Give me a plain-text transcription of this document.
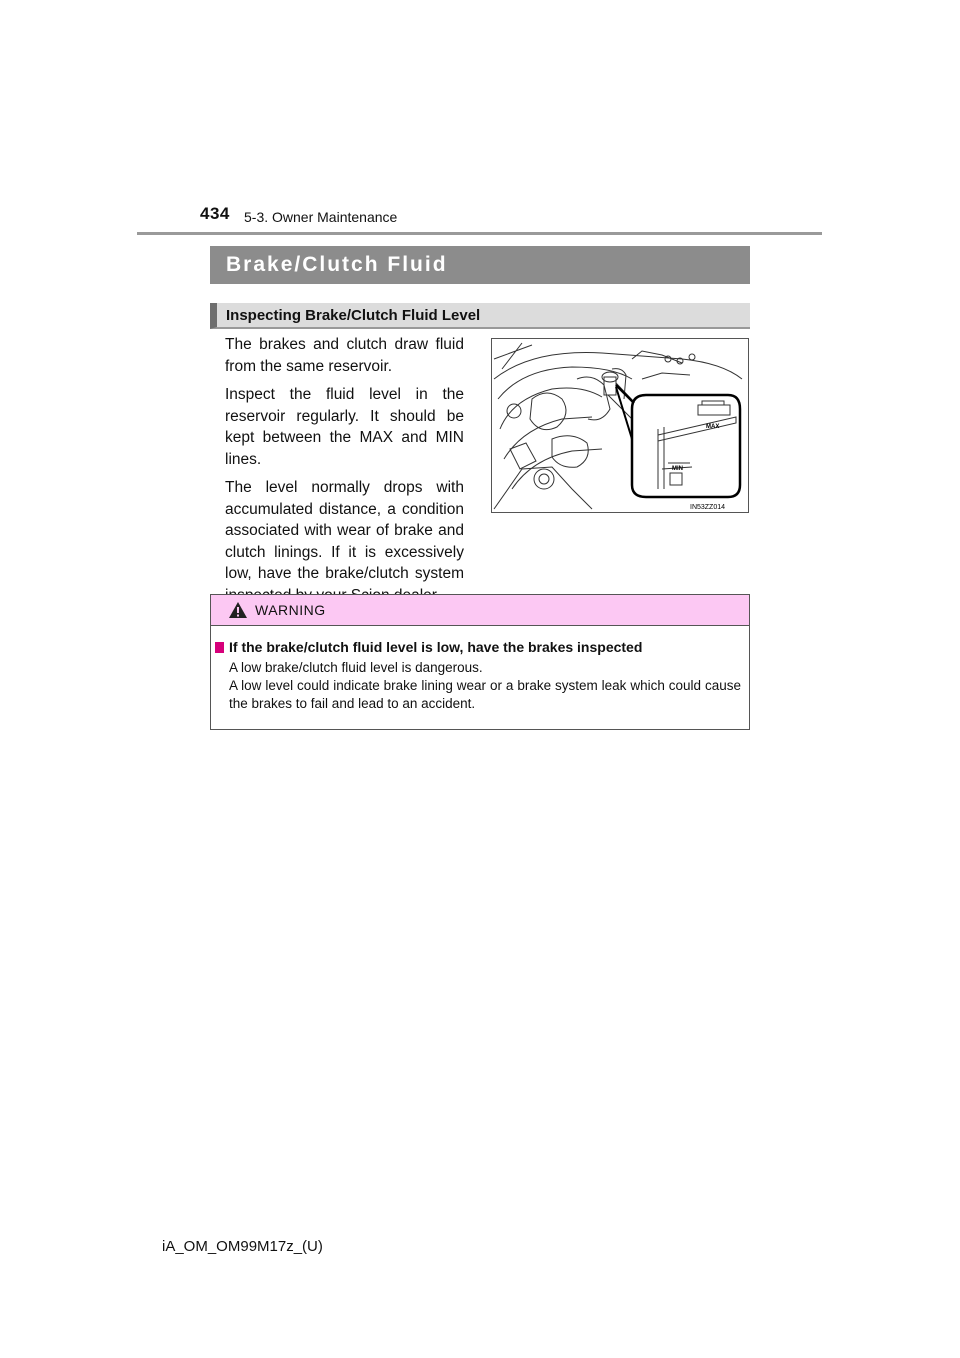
434 5-3. Owner Maintenance
Brake/Clutch Fluid
Inspecting Brake/Clutch Fluid Level

The brakes and clutch draw fluid from the same reservoir.

Inspect the fluid level in the reservoir regularly. It should be kept between the MAX and MIN lines.

The level normally drops with accumulated distance, a condition associated with wear of brake and clutch linings. If it is excessively low, have the brake/clutch system

MAX
MIN
IN53ZZ014
WARNING
If the brake/clutch fluid level is low, have the brakes inspected

A low brake/clutch fluid level is dangerous.

A low level could indicate brake lining wear or a brake system leak which could cause the brakes to fail and lead to an accident.

iA_OM_OM99M17z_(U)
